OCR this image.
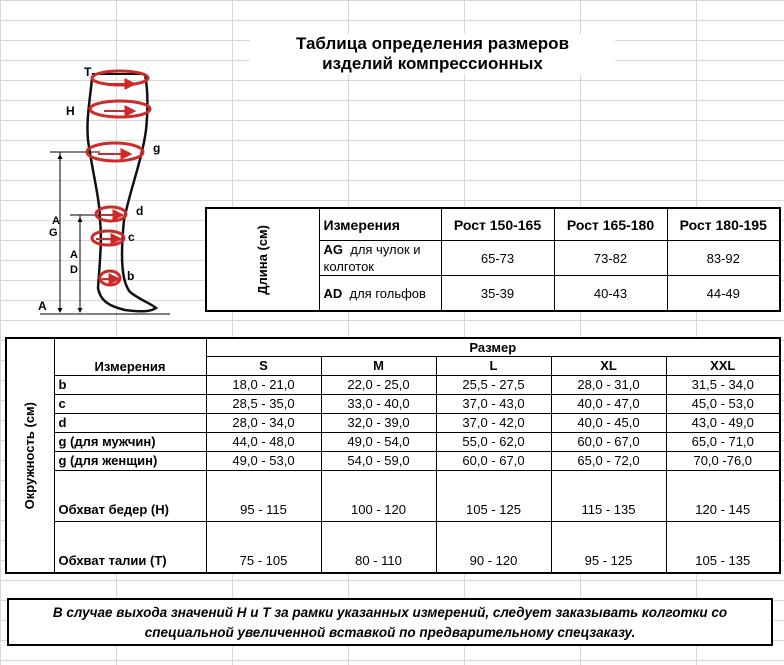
Таблица определения размеров
изделий компрессионных
T
H
g
d
c
b
A
G
A
D
A
Длина (см)	Измерения	Рост 150-165	Рост 165-180	Рост 180-195
	AG для чулок и колготок	65-73	73-82	83-92
	AD для гольфов	35-39	40-43	44-49
Окружность (см)	Измерения	Размер				
		S	M	L	XL	XXL
	b	18,0 - 21,0	22,0 - 25,0	25,5 - 27,5	28,0 - 31,0	31,5 - 34,0
	c	28,5 - 35,0	33,0 - 40,0	37,0 - 43,0	40,0 - 47,0	45,0 - 53,0
	d	28,0 - 34,0	32,0 - 39,0	37,0 - 42,0	40,0 - 45,0	43,0 - 49,0
	g (для мужчин)	44,0 - 48,0	49,0 - 54,0	55,0 - 62,0	60,0 - 67,0	65,0 - 71,0
	g (для женщин)	49,0 - 53,0	54,0 - 59,0	60,0 - 67,0	65,0 - 72,0	70,0 -76,0
	Обхват бедер (H)	95 - 115	100 - 120	105 - 125	115 - 135	120 - 145
	Обхват талии (T)	75 - 105	80 - 110	90 - 120	95 - 125	105 - 135
В случае выхода значений Н и Т за рамки указанных измерений, следует заказывать колготки со
специальной увеличенной вставкой по предварительному спецзаказу.
